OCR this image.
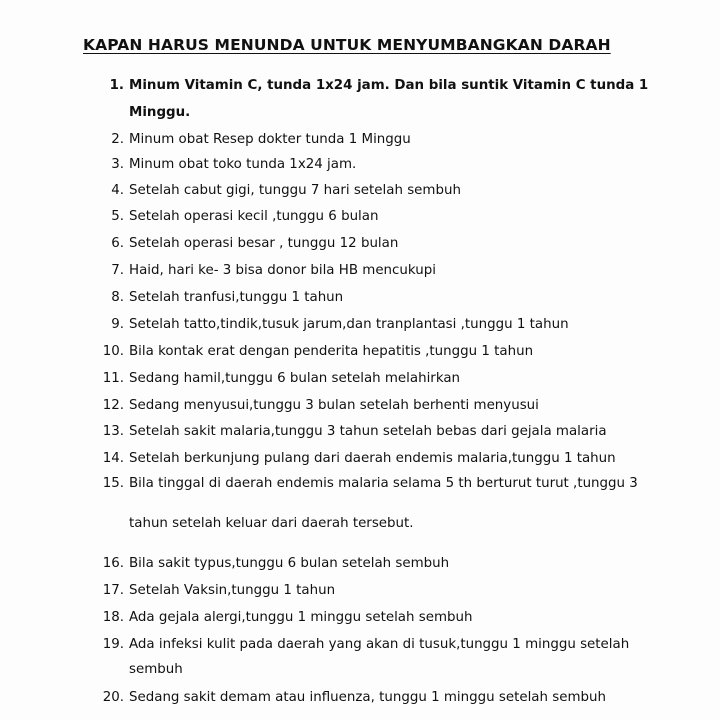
KAPAN HARUS MENUNDA UNTUK MENYUMBANGKAN DARAH
1. Minum Vitamin C, tunda 1x24 jam. Dan bila suntik Vitamin C tunda 1
Minggu.
2. Minum obat Resep dokter tunda 1 Minggu
3. Minum obat toko tunda 1x24 jam.
4. Setelah cabut gigi, tunggu 7 hari setelah sembuh
5. Setelah operasi kecil ,tunggu 6 bulan
6. Setelah operasi besar , tunggu 12 bulan
7. Haid, hari ke- 3 bisa donor bila HB mencukupi
8. Setelah tranfusi,tunggu 1 tahun
9. Setelah tatto,tindik,tusuk jarum,dan tranplantasi ,tunggu 1 tahun
10. Bila kontak erat dengan penderita hepatitis ,tunggu 1 tahun
11. Sedang hamil,tunggu 6 bulan setelah melahirkan
12. Sedang menyusui,tunggu 3 bulan setelah berhenti menyusui
13. Setelah sakit malaria,tunggu 3 tahun setelah bebas dari gejala malaria
14. Setelah berkunjung pulang dari daerah endemis malaria,tunggu 1 tahun
15. Bila tinggal di daerah endemis malaria selama 5 th berturut turut ,tunggu 3
tahun setelah keluar dari daerah tersebut.
16. Bila sakit typus,tunggu 6 bulan setelah sembuh
17. Setelah Vaksin,tunggu 1 tahun
18. Ada gejala alergi,tunggu 1 minggu setelah sembuh
19. Ada infeksi kulit pada daerah yang akan di tusuk,tunggu 1 minggu setelah
sembuh
20. Sedang sakit demam atau influenza, tunggu 1 minggu setelah sembuh
